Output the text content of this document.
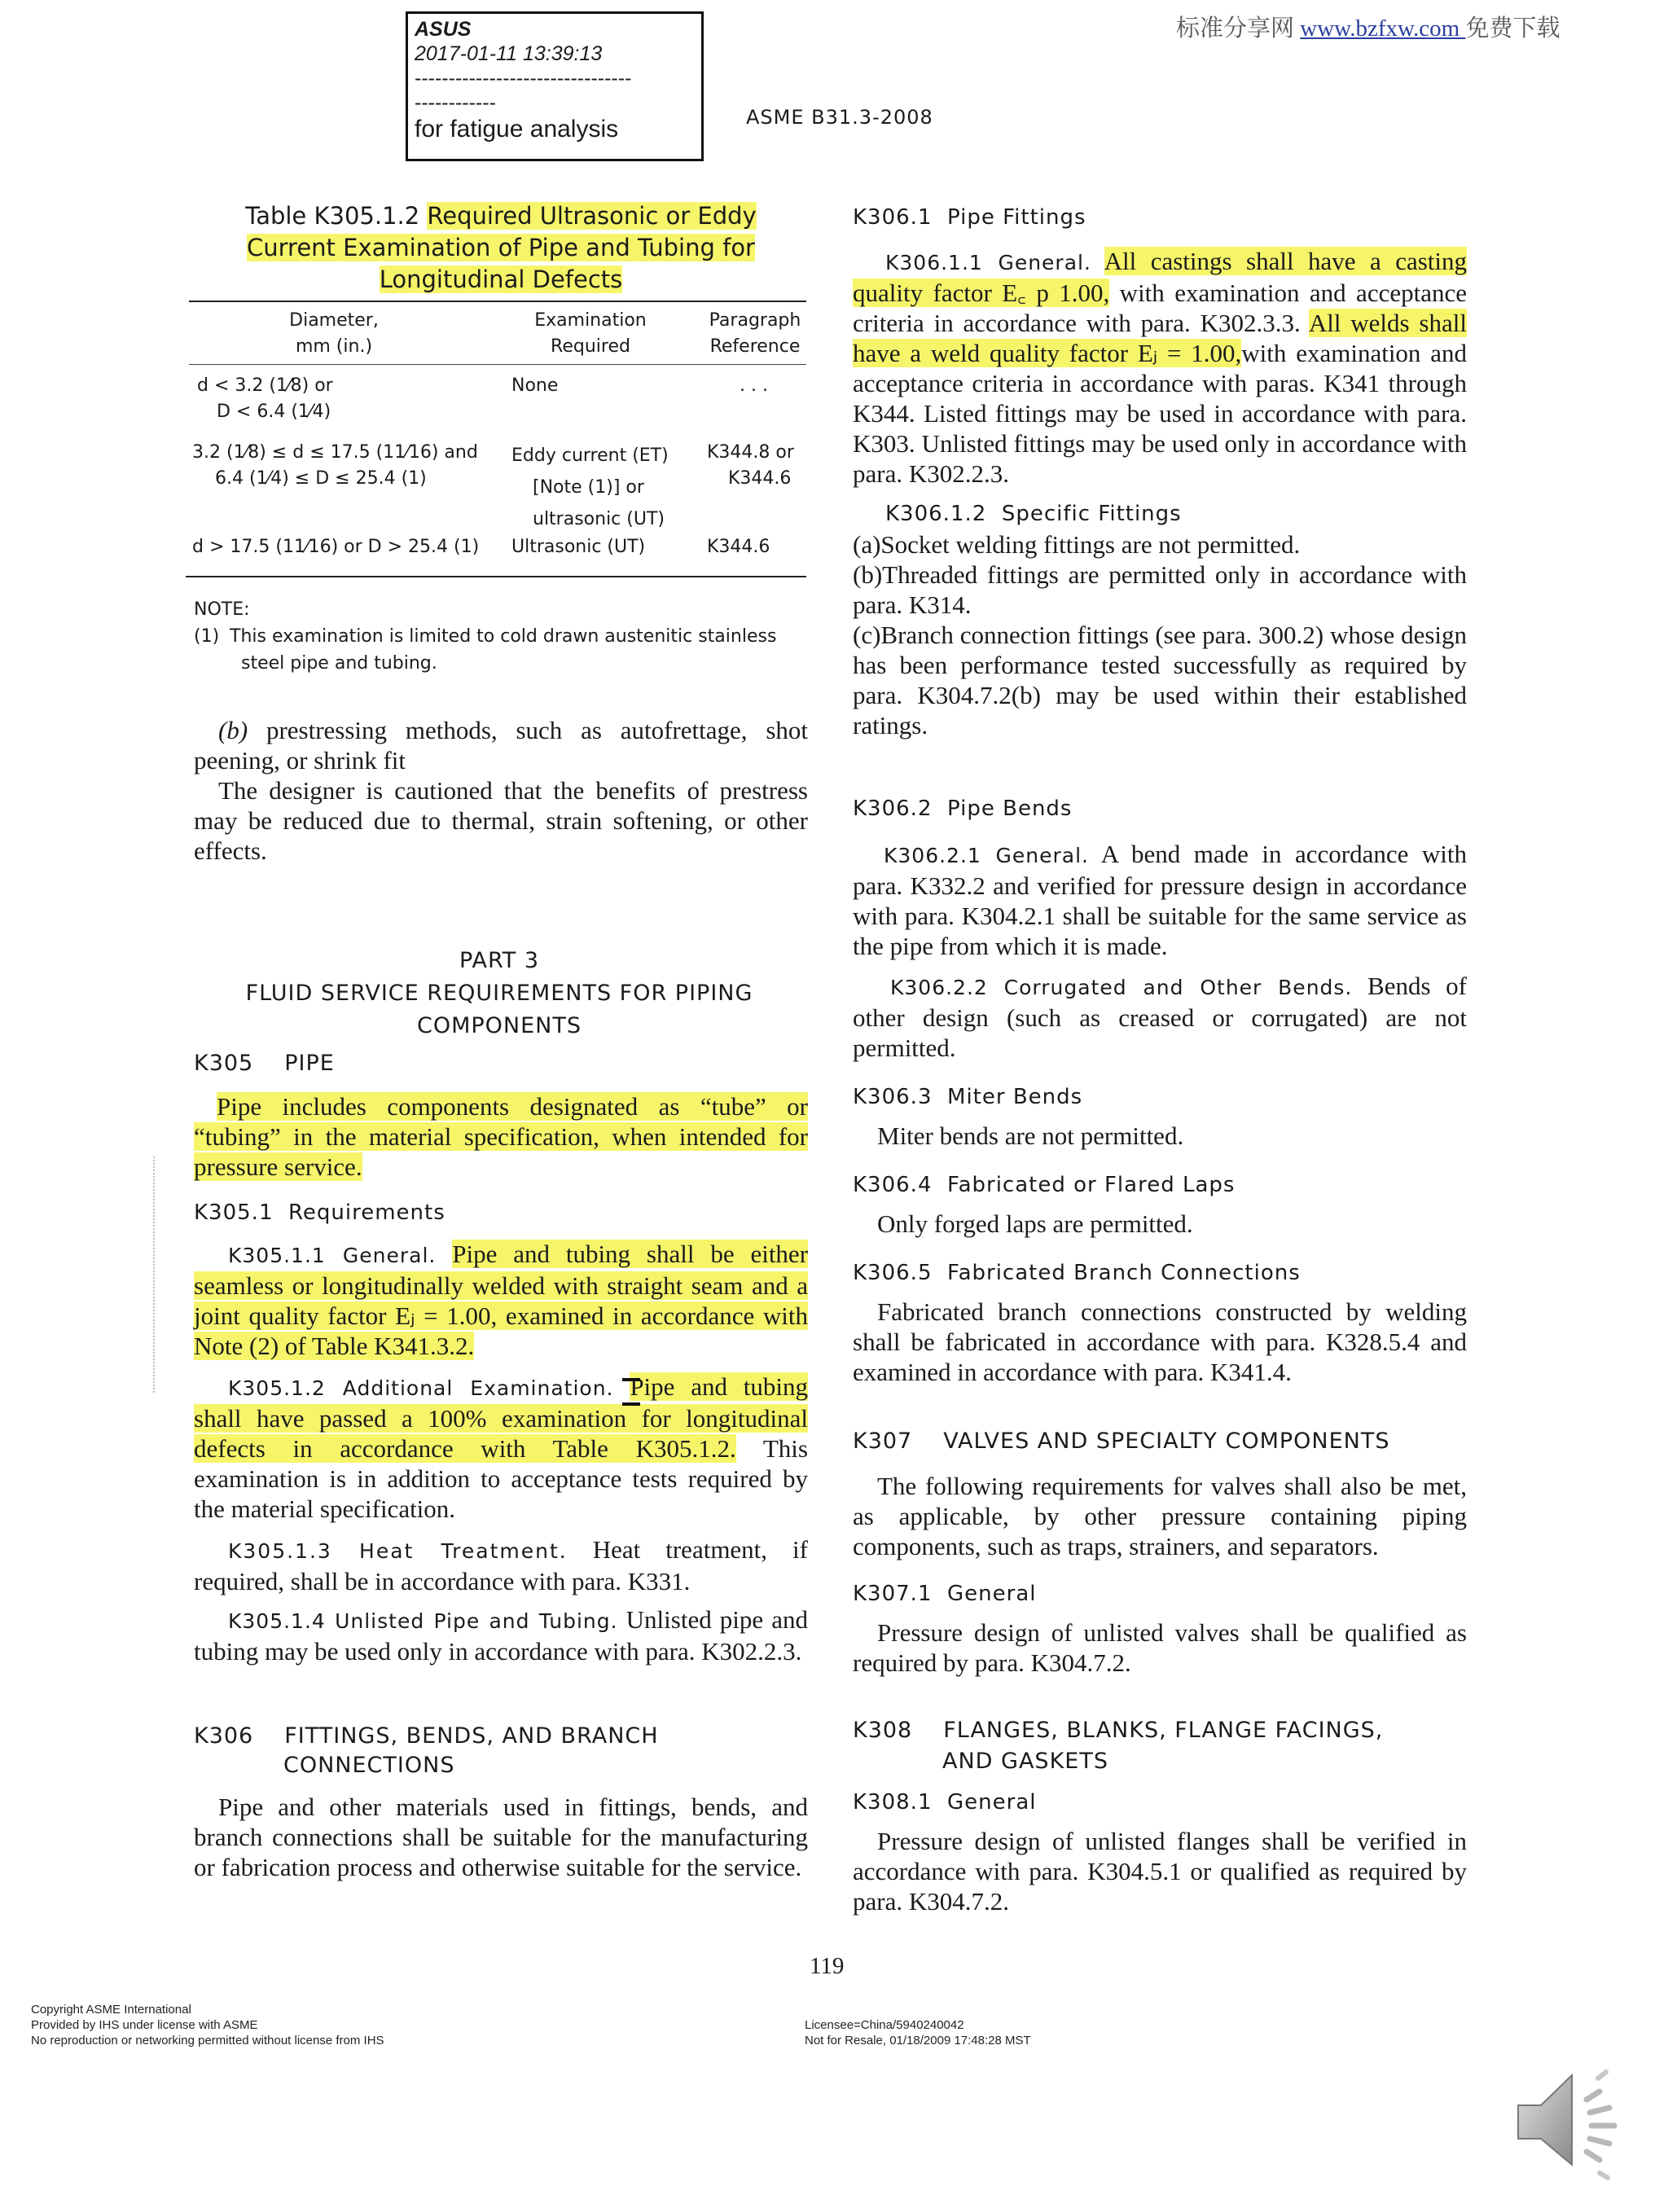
ASUS
2017-01-11 13:39:13
--------------------------------
------------
for fatigue analysis
标准分享网 www.bzfxw.com 免费下载
ASME B31.3-2008
Table K305.1.2 Required Ultrasonic or Eddy
Current Examination of Pipe and Tubing for
Longitudinal Defects
Diameter,
mm (in.)
Examination
Required
Paragraph
Reference
d < 3.2 (1⁄8) or
D < 6.4 (1⁄4)
None	. . .
3.2 (1⁄8) ≤ d ≤ 17.5 (11⁄16) and
6.4 (1⁄4) ≤ D ≤ 25.4 (1)
Eddy current (ET)
[Note (1)] or
ultrasonic (UT)
K344.8 or
K344.6
d > 17.5 (11⁄16) or D > 25.4 (1) Ultrasonic (UT)	K344.6
NOTE:
(1) This examination is limited to cold drawn austenitic stainless
steel pipe and tubing.
(b) prestressing methods, such as autofrettage, shot peening, or shrink fit
The designer is cautioned that the benefits of prestress may be reduced due to thermal, strain softening, or other effects.
PART 3
FLUID SERVICE REQUIREMENTS FOR PIPING
COMPONENTS
K305 PIPE
Pipe includes components designated as “tube” or “tubing” in the material specification, when intended for pressure service.
K305.1  Requirements
K305.1.1 General. Pipe and tubing shall be either seamless or longitudinally welded with straight seam and a joint quality factor Eⱼ = 1.00, examined in accordance with Note (2) of Table K341.3.2.
K305.1.2 Additional Examination. Pipe and tubing shall have passed a 100% examination for longitudinal defects in accordance with Table K305.1.2. This examination is in addition to acceptance tests required by the material specification.
K305.1.3 Heat Treatment. Heat treatment, if required, shall be in accordance with para. K331.
K305.1.4 Unlisted Pipe and Tubing. Unlisted pipe and tubing may be used only in accordance with para. K302.2.3.
K306 FITTINGS, BENDS, AND BRANCH
CONNECTIONS
Pipe and other materials used in fittings, bends, and branch connections shall be suitable for the manufacturing or fabrication process and otherwise suitable for the service.
K306.1  Pipe Fittings
K306.1.1 General. All castings shall have a casting quality factor E꜀ p 1.00, with examination and acceptance criteria in accordance with para. K302.3.3. All welds shall have a weld quality factor Eⱼ = 1.00,with examination and acceptance criteria in accordance with paras. K341 through K344. Listed fittings may be used in accordance with para. K303. Unlisted fittings may be used only in accordance with para. K302.2.3.
K306.1.2  Specific Fittings

(a)Socket welding fittings are not permitted.

(b)Threaded fittings are permitted only in accordance with para. K314.

(c)Branch connection fittings (see para. 300.2) whose design has been performance tested successfully as required by para. K304.7.2(b) may be used within their established ratings.

K306.2  Pipe Bends
K306.2.1 General. A bend made in accordance with para. K332.2 and verified for pressure design in accordance with para. K304.2.1 shall be suitable for the same service as the pipe from which it is made.
K306.2.2 Corrugated and Other Bends. Bends of other design (such as creased or corrugated) are not permitted.
K306.3  Miter Bends
Miter bends are not permitted.
K306.4  Fabricated or Flared Laps
Only forged laps are permitted.
K306.5  Fabricated Branch Connections
Fabricated branch connections constructed by welding shall be fabricated in accordance with para. K328.5.4 and examined in accordance with para. K341.4.
K307 VALVES AND SPECIALTY COMPONENTS
The following requirements for valves shall also be met, as applicable, by other pressure containing piping components, such as traps, strainers, and separators.
K307.1  General
Pressure design of unlisted valves shall be qualified as required by para. K304.7.2.
K308 FLANGES, BLANKS, FLANGE FACINGS,
AND GASKETS
K308.1  General
Pressure design of unlisted flanges shall be verified in accordance with para. K304.5.1 or qualified as required by para. K304.7.2.
119
Copyright ASME International
Provided by IHS under license with ASME
No reproduction or networking permitted without license from IHS
Licensee=China/5940240042
Not for Resale, 01/18/2009 17:48:28 MST
